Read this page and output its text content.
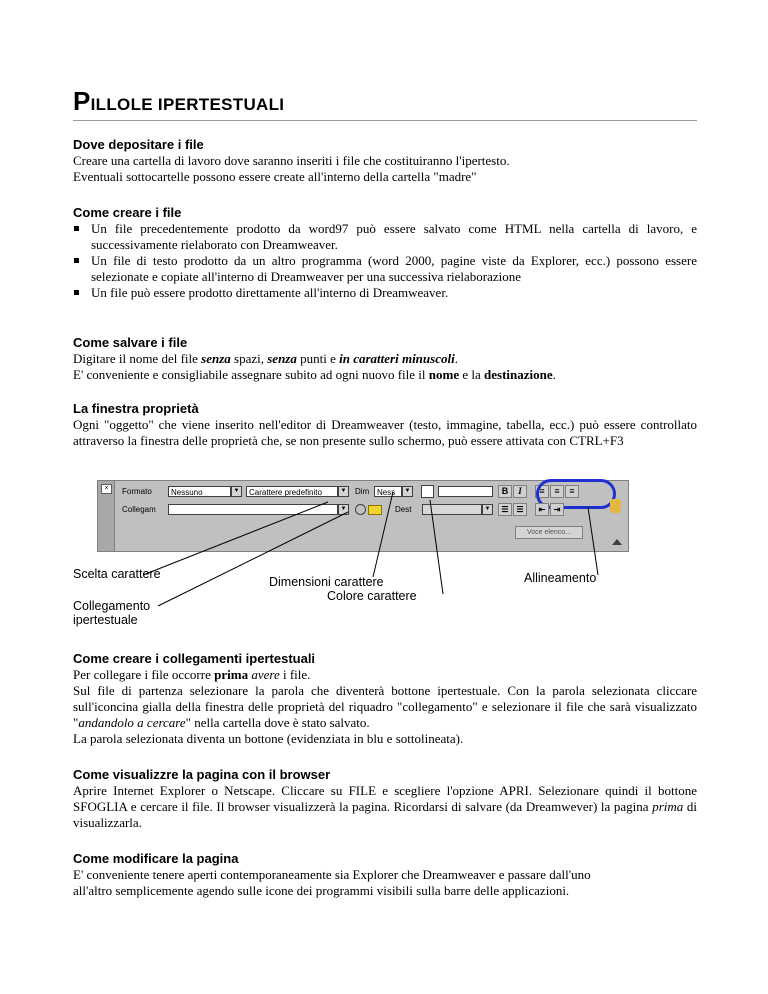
PILLOLE IPERTESTUALI
Dove depositare i file

Creare una cartella di lavoro dove saranno inseriti i file che costituiranno l'ipertesto.

Eventuali sottocartelle possono essere create all'interno della cartella "madre"

Come creare i file
Un file precedentemente prodotto da word97 può essere salvato come HTML nella cartella di lavoro, e successivamente rielaborato con Dreamweaver.
Un file di testo prodotto da un altro programma (word 2000, pagine viste da Explorer, ecc.) possono essere selezionate e copiate all'interno di Dreamweaver per una successiva rielaborazione
Un file può essere prodotto direttamente all'interno di Dreamweaver.
Come salvare i file

Digitare il nome del file senza spazi, senza punti e in caratteri minuscoli.

E' conveniente e consigliabile assegnare subito ad ogni nuovo file il nome e la destinazione.

La finestra proprietà

Ogni "oggetto" che viene inserito nell'editor di Dreamweaver (testo, immagine, tabella, ecc.) può essere controllato attraverso la finestra delle proprietà che, se non presente sullo schermo, può essere attivata con CTRL+F3

×	Formato	Nessuno	▼	Carattere predefinito	▼	Dim Ness	▼	B	I	≡	≡	≡
Collegam	▼	Dest	▼	☰ ☰	⇤	⇥
Voce elenco...
Scelta carattere
Collegamento
ipertestuale
Dimensioni carattere
Colore carattere
Allineamento
Come creare i collegamenti ipertestuali

Per collegare i file occorre prima avere i file.

Sul file di partenza selezionare la parola che diventerà bottone ipertestuale. Con la parola selezionata cliccare sull'iconcina gialla della finestra delle proprietà del riquadro "collegamento" e selezionare il file che sarà visualizzato "andandolo a cercare" nella cartella dove è stato salvato.

La parola selezionata diventa un bottone (evidenziata in blu e sottolineata).

Come visualizzre la pagina con il browser

Aprire Internet Explorer o Netscape. Cliccare su FILE e scegliere l'opzione APRI. Selezionare quindi il bottone SFOGLIA e cercare il file. Il browser visualizzerà la pagina. Ricordarsi di salvare (da Dreamwever) la pagina prima di visualizzarla.

Come modificare la pagina

E' conveniente tenere aperti contemporaneamente sia Explorer che Dreamweaver e passare dall'uno

all'altro semplicemente agendo sulle icone dei programmi visibili sulla barre delle applicazioni.
